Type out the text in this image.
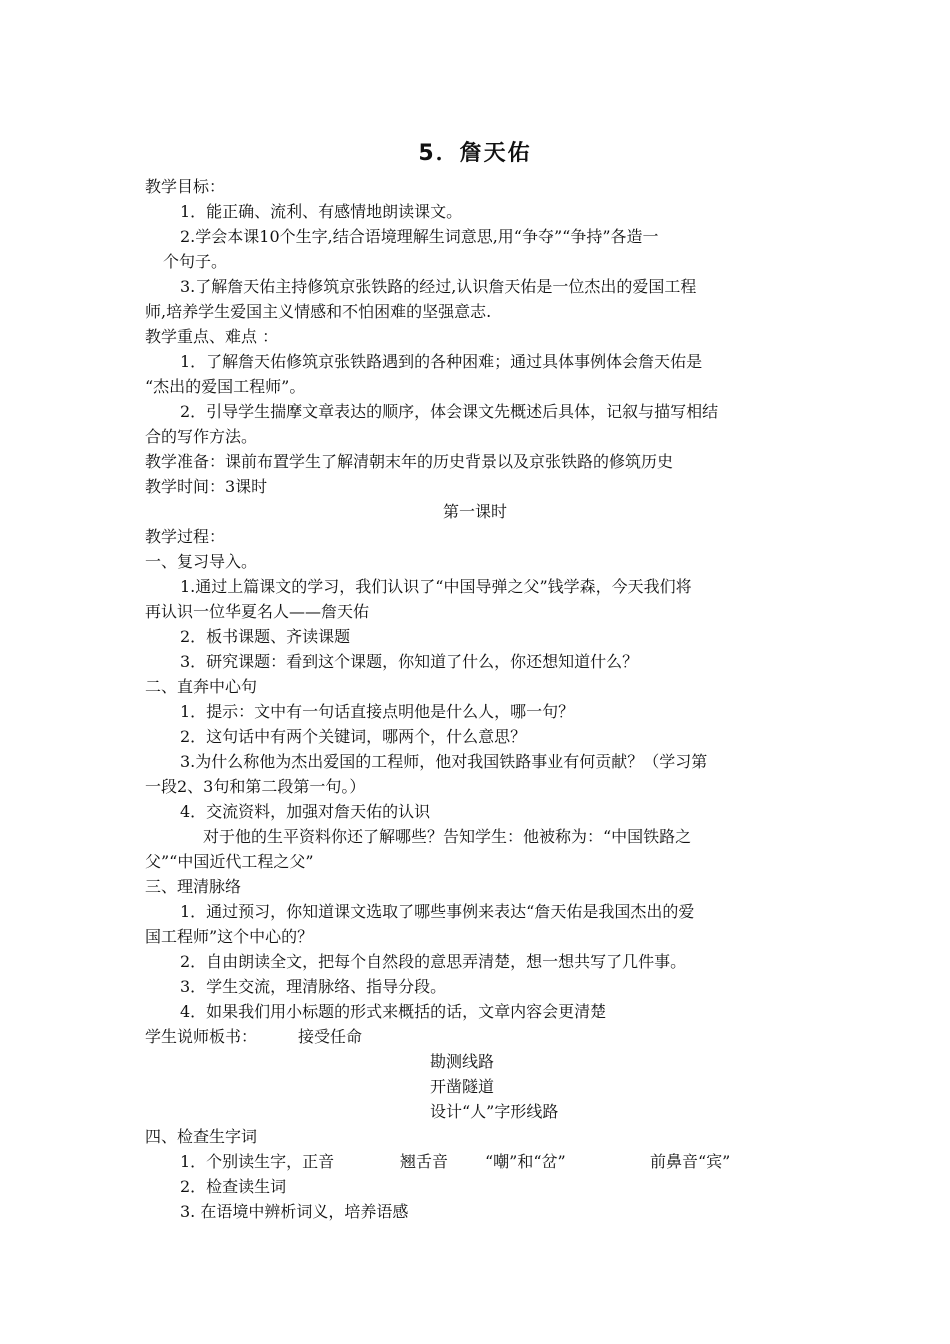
5．詹天佑
教学目标：
1．能正确、流利、有感情地朗读课文。
2.学会本课10个生字,结合语境理解生词意思,用“争夺”“争持”各造一
个句子。
3.了解詹天佑主持修筑京张铁路的经过,认识詹天佑是一位杰出的爱国工程
师,培养学生爱国主义情感和不怕困难的坚强意志.
教学重点、难点 ：
1．了解詹天佑修筑京张铁路遇到的各种困难；通过具体事例体会詹天佑是
“杰出的爱国工程师”。
2．引导学生揣摩文章表达的顺序，体会课文先概述后具体，记叙与描写相结
合的写作方法。
教学准备：课前布置学生了解清朝末年的历史背景以及京张铁路的修筑历史
教学时间：3课时
第一课时
教学过程：
一、复习导入。
1.通过上篇课文的学习，我们认识了“中国导弹之父”钱学森，今天我们将
再认识一位华夏名人——詹天佑
2．板书课题、齐读课题
3．研究课题：看到这个课题，你知道了什么，你还想知道什么？
二、直奔中心句
1．提示：文中有一句话直接点明他是什么人，哪一句？
2．这句话中有两个关键词，哪两个，什么意思？
3.为什么称他为杰出爱国的工程师，他对我国铁路事业有何贡献？（学习第
一段2、3句和第二段第一句。）
4．交流资料，加强对詹天佑的认识
对于他的生平资料你还了解哪些？告知学生：他被称为：“中国铁路之
父”“中国近代工程之父”
三、理清脉络
1．通过预习，你知道课文选取了哪些事例来表达“詹天佑是我国杰出的爱
国工程师”这个中心的？
2．自由朗读全文，把每个自然段的意思弄清楚，想一想共写了几件事。
3．学生交流，理清脉络、指导分段。
4．如果我们用小标题的形式来概括的话，文章内容会更清楚
学生说师板书：	接受任命
勘测线路
开凿隧道
设计“人”字形线路
四、检查生字词
1．个别读生字，正音	翘舌音 “嘲”和“岔”	前鼻音“宾”
2．检查读生词
3. 在语境中辨析词义，培养语感
